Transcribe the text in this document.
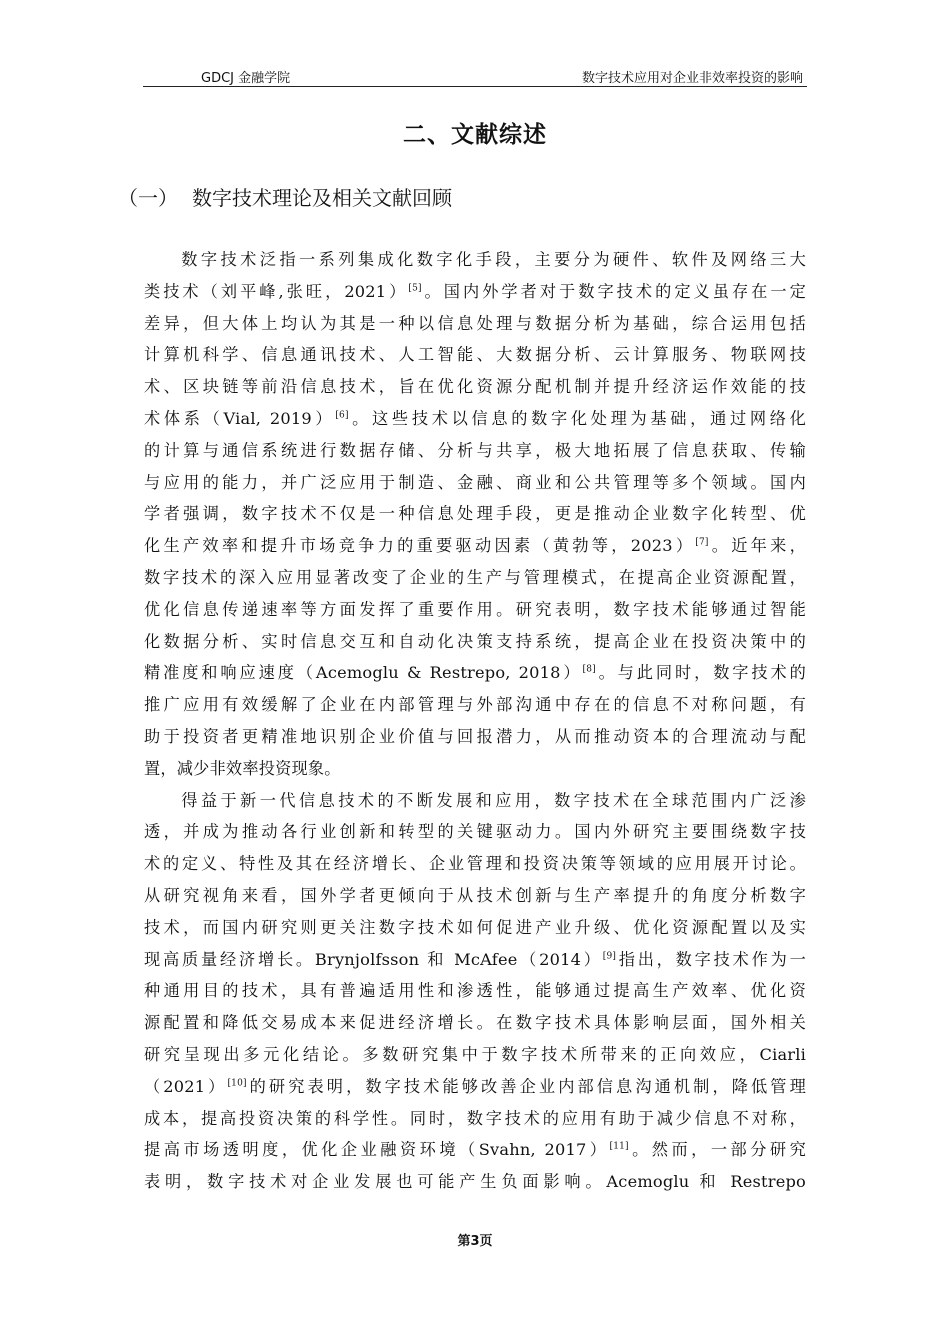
GDCJ 金融学院	数字技术应用对企业非效率投资的影响
二、文献综述
（一） 数字技术理论及相关文献回顾

数字技术泛指一系列集成化数字化手段，主要分为硬件、软件及网络三大
类技术（刘平峰,张旺，2021）[5]。国内外学者对于数字技术的定义虽存在一定
差异，但大体上均认为其是一种以信息处理与数据分析为基础，综合运用包括
计算机科学、信息通讯技术、人工智能、大数据分析、云计算服务、物联网技
术、区块链等前沿信息技术，旨在优化资源分配机制并提升经济运作效能的技
术体系（Vial, 2019）[6]。这些技术以信息的数字化处理为基础，通过网络化
的计算与通信系统进行数据存储、分析与共享，极大地拓展了信息获取、传输
与应用的能力，并广泛应用于制造、金融、商业和公共管理等多个领域。国内
学者强调，数字技术不仅是一种信息处理手段，更是推动企业数字化转型、优
化生产效率和提升市场竞争力的重要驱动因素（黄勃等，2023）[7]。近年来，
数字技术的深入应用显著改变了企业的生产与管理模式，在提高企业资源配置，
优化信息传递速率等方面发挥了重要作用。研究表明，数字技术能够通过智能
化数据分析、实时信息交互和自动化决策支持系统，提高企业在投资决策中的
精准度和响应速度（Acemoglu & Restrepo, 2018）[8]。与此同时，数字技术的
推广应用有效缓解了企业在内部管理与外部沟通中存在的信息不对称问题，有
助于投资者更精准地识别企业价值与回报潜力，从而推动资本的合理流动与配
置，减少非效率投资现象。

得益于新一代信息技术的不断发展和应用，数字技术在全球范围内广泛渗
透，并成为推动各行业创新和转型的关键驱动力。国内外研究主要围绕数字技
术的定义、特性及其在经济增长、企业管理和投资决策等领域的应用展开讨论。
从研究视角来看，国外学者更倾向于从技术创新与生产率提升的角度分析数字
技术，而国内研究则更关注数字技术如何促进产业升级、优化资源配置以及实
现高质量经济增长。Brynjolfsson 和 McAfee（2014）[9]指出，数字技术作为一
种通用目的技术，具有普遍适用性和渗透性，能够通过提高生产效率、优化资
源配置和降低交易成本来促进经济增长。在数字技术具体影响层面，国外相关
研究呈现出多元化结论。多数研究集中于数字技术所带来的正向效应，Ciarli
（2021）[10]的研究表明，数字技术能够改善企业内部信息沟通机制，降低管理
成本，提高投资决策的科学性。同时，数字技术的应用有助于减少信息不对称，
提高市场透明度，优化企业融资环境（Svahn, 2017）[11]。然而，一部分研究
表明，数字技术对企业发展也可能产生负面影响。Acemoglu 和 Restrepo

第3页
